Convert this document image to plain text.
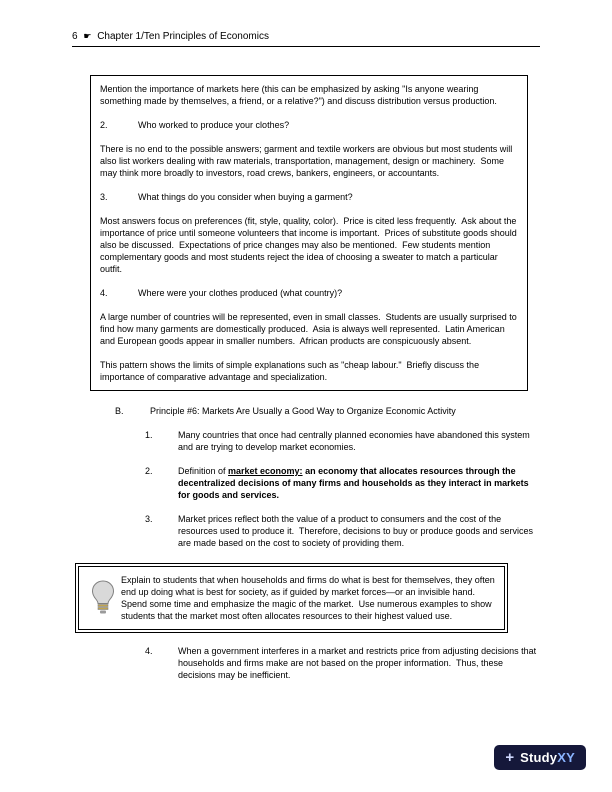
6 ☛ Chapter 1/Ten Principles of Economics

Mention the importance of markets here (this can be emphasized by asking "Is anyone wearing something made by themselves, a friend, or a relative?") and discuss distribution versus production.

2.	Who worked to produce your clothes?

There is no end to the possible answers; garment and textile workers are obvious but most students will also list workers dealing with raw materials, transportation, management, design or machinery.  Some may think more broadly to investors, road crews, bankers, engineers, or accountants.

3.	What things do you consider when buying a garment?

Most answers focus on preferences (fit, style, quality, color).  Price is cited less frequently.  Ask about the importance of price until someone volunteers that income is important.  Prices of substitute goods should also be discussed.  Expectations of price changes may also be mentioned.  Few students mention complementary goods and most students reject the idea of choosing a sweater to match a particular outfit.

4.	Where were your clothes produced (what country)?

A large number of countries will be represented, even in small classes.  Students are usually surprised to find how many garments are domestically produced.  Asia is always well represented.  Latin American and European goods appear in smaller numbers.  African products are conspicuously absent.

This pattern shows the limits of simple explanations such as "cheap labour."  Briefly discuss the importance of comparative advantage and specialization.

B.	Principle #6: Markets Are Usually a Good Way to Organize Economic Activity
1.	Many countries that once had centrally planned economies have abandoned this system and are trying to develop market economies.

2.	Definition of market economy: an economy that allocates resources through the decentralized decisions of many firms and households as they interact in markets for goods and services.

3.	Market prices reflect both the value of a product to consumers and the cost of the resources used to produce it.  Therefore, decisions to buy or produce goods and services are made based on the cost to society of providing them.

Explain to students that when households and firms do what is best for themselves, they often end up doing what is best for society, as if guided by market forces—or an invisible hand.  Spend some time and emphasize the magic of the market.  Use numerous examples to show students that the market most often allocates resources to their highest valued use.

4.	When a government interferes in a market and restricts price from adjusting decisions that households and firms make are not based on the proper information.  Thus, these decisions may be inefficient.

+ StudyXY
